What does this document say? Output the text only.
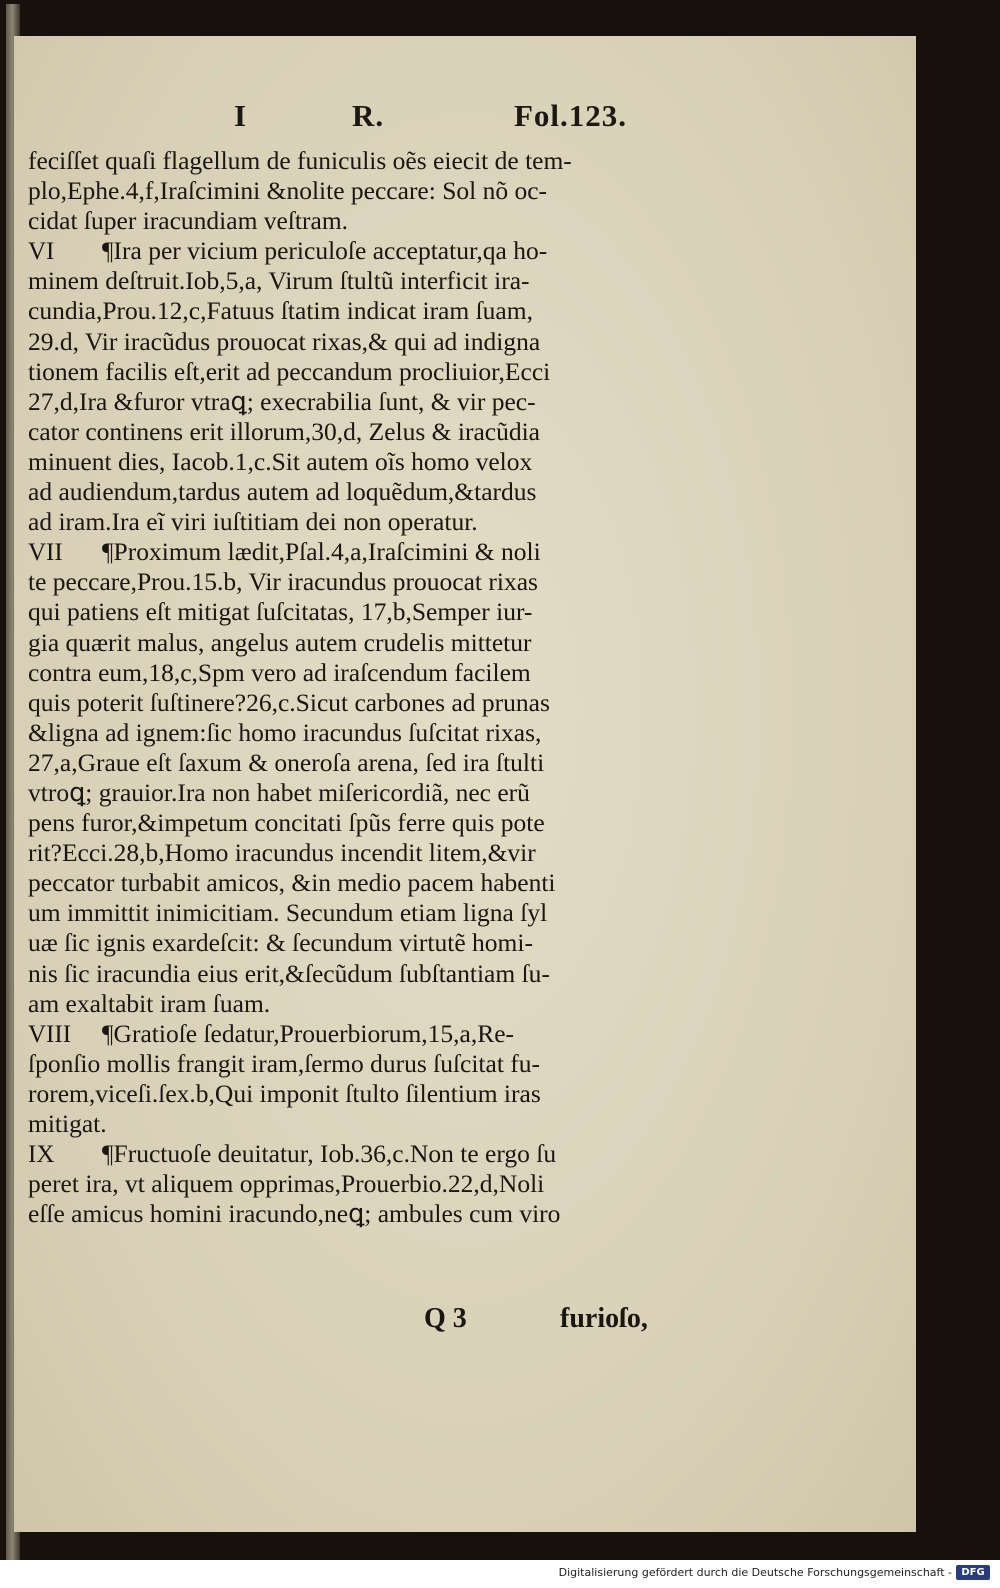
I	R.	Fol.123.
feciſſet quaſi flagellum de funiculis oẽs eiecit de tem-
plo,Ephe.4,f,Iraſcimini &nolite peccare: Sol nõ oc-
cidat ſuper iracundiam veſtram.
VI ¶Ira per vicium periculoſe acceptatur,qa ho-
minem deſtruit.Iob,5,a, Virum ſtultũ interficit ira-
cundia,Prou.12,c,Fatuus ſtatim indicat iram ſuam,
29.d, Vir iracũdus prouocat rixas,& qui ad indigna
tionem facilis eſt,erit ad peccandum procliuior,Ecci
27,d,Ira &furor vtraꝗ; execrabilia ſunt, & vir pec-
cator continens erit illorum,30,d, Zelus & iracũdia
minuent dies, Iacob.1,c.Sit autem oĩs homo velox
ad audiendum,tardus autem ad loquẽdum,&tardus
ad iram.Ira eĩ viri iuſtitiam dei non operatur.
VII ¶Proximum lædit,Pſal.4,a,Iraſcimini & noli
te peccare,Prou.15.b, Vir iracundus prouocat rixas
qui patiens eſt mitigat ſuſcitatas, 17,b,Semper iur-
gia quærit malus, angelus autem crudelis mittetur
contra eum,18,c,Spm vero ad iraſcendum facilem
quis poterit ſuſtinere?26,c.Sicut carbones ad prunas
&ligna ad ignem:ſic homo iracundus ſuſcitat rixas,
27,a,Graue eſt ſaxum & oneroſa arena, ſed ira ſtulti
vtroꝗ; grauior.Ira non habet miſericordiã, nec erũ
pens furor,&impetum concitati ſpũs ferre quis pote
rit?Ecci.28,b,Homo iracundus incendit litem,&vir
peccator turbabit amicos, &in medio pacem habenti
um immittit inimicitiam. Secundum etiam ligna ſyl
uæ ſic ignis exardeſcit: & ſecundum virtutẽ homi-
nis ſic iracundia eius erit,&ſecũdum ſubſtantiam ſu-
am exaltabit iram ſuam.
VIII ¶Gratioſe ſedatur,Prouerbiorum,15,a,Re-
ſponſio mollis frangit iram,ſermo durus ſuſcitat fu-
rorem,viceſi.ſex.b,Qui imponit ſtulto ſilentium iras
mitigat.
IX ¶Fructuoſe deuitatur, Iob.36,c.Non te ergo ſu
peret ira, vt aliquem opprimas,Prouerbio.22,d,Noli
eſſe amicus homini iracundo,neꝗ; ambules cum viro
Q 3	furioſo,
Digitalisierung gefördert durch die Deutsche Forschungsgemeinschaft - DFG
